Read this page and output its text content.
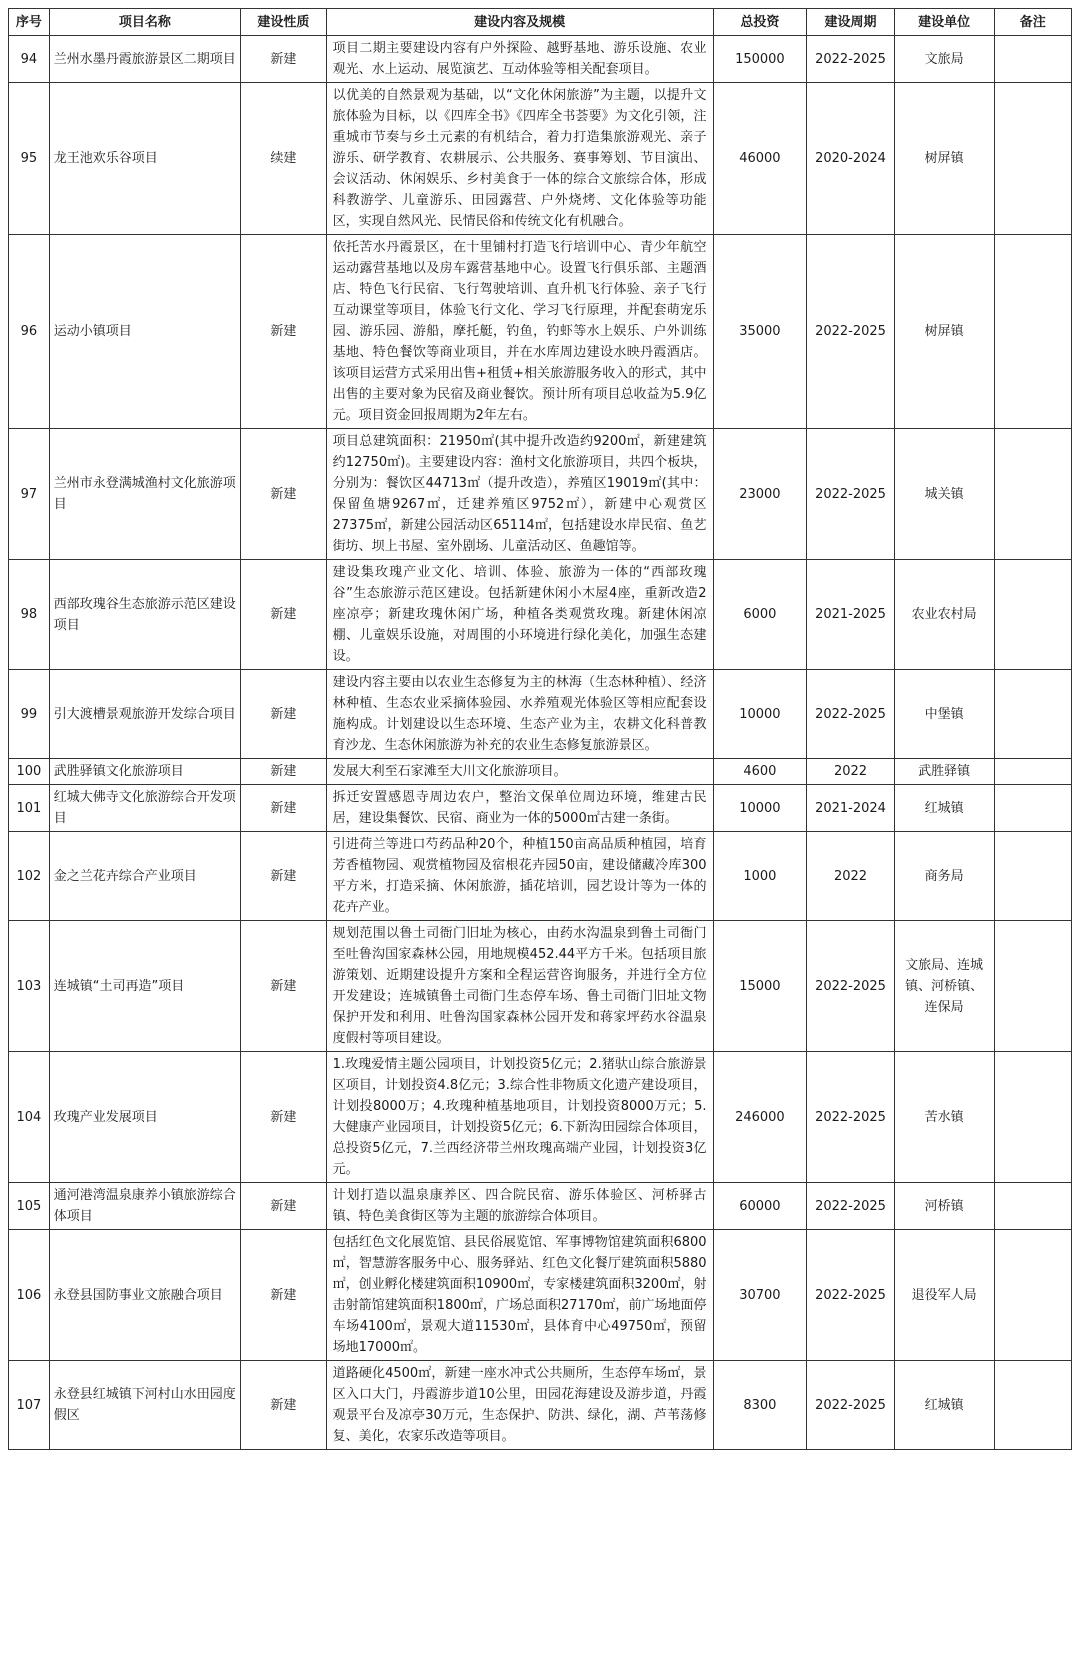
序号	项目名称	建设性质	建设内容及规模	总投资	建设周期	建设单位	备注
94	兰州水墨丹霞旅游景区二期项目	新建	项目二期主要建设内容有户外探险、越野基地、游乐设施、农业观光、水上运动、展览演艺、互动体验等相关配套项目。	150000	2022-2025	文旅局	
95	龙王池欢乐谷项目	续建	以优美的自然景观为基础，以“文化休闲旅游”为主题，以提升文旅体验为目标，以《四库全书》《四库全书荟要》为文化引领，注重城市节奏与乡土元素的有机结合，着力打造集旅游观光、亲子游乐、研学教育、农耕展示、公共服务、赛事筹划、节目演出、会议活动、休闲娱乐、乡村美食于一体的综合文旅综合体，形成科教游学、儿童游乐、田园露营、户外烧烤、文化体验等功能区，实现自然风光、民情民俗和传统文化有机融合。	46000	2020-2024	树屏镇	
96	运动小镇项目	新建	依托苦水丹霞景区，在十里铺村打造飞行培训中心、青少年航空运动露营基地以及房车露营基地中心。设置飞行俱乐部、主题酒店、特色飞行民宿、飞行驾驶培训、直升机飞行体验、亲子飞行互动课堂等项目，体验飞行文化、学习飞行原理，并配套萌宠乐园、游乐园、游船，摩托艇，钓鱼，钓虾等水上娱乐、户外训练基地、特色餐饮等商业项目，并在水库周边建设水映丹霞酒店。该项目运营方式采用出售+租赁+相关旅游服务收入的形式，其中出售的主要对象为民宿及商业餐饮。预计所有项目总收益为5.9亿元。项目资金回报周期为2年左右。	35000	2022-2025	树屏镇	
97	兰州市永登满城渔村文化旅游项目	新建	项目总建筑面积：21950㎡(其中提升改造约9200㎡，新建建筑约12750㎡)。主要建设内容：渔村文化旅游项目，共四个板块，分别为：餐饮区44713㎡（提升改造），养殖区19019㎡(其中：保留鱼塘9267㎡，迁建养殖区9752㎡），新建中心观赏区27375㎡，新建公园活动区65114㎡，包括建设水岸民宿、鱼艺街坊、坝上书屋、室外剧场、儿童活动区、鱼趣馆等。	23000	2022-2025	城关镇	
98	西部玫瑰谷生态旅游示范区建设项目	新建	建设集玫瑰产业文化、培训、体验、旅游为一体的“西部玫瑰谷”生态旅游示范区建设。包括新建休闲小木屋4座，重新改造2座凉亭；新建玫瑰休闲广场，种植各类观赏玫瑰。新建休闲凉棚、儿童娱乐设施，对周围的小环境进行绿化美化，加强生态建设。	6000	2021-2025	农业农村局	
99	引大渡槽景观旅游开发综合项目	新建	建设内容主要由以农业生态修复为主的林海（生态林种植）、经济林种植、生态农业采摘体验园、水养殖观光体验区等相应配套设施构成。计划建设以生态环境、生态产业为主，农耕文化科普教育沙龙、生态休闲旅游为补充的农业生态修复旅游景区。	10000	2022-2025	中堡镇	
100	武胜驿镇文化旅游项目	新建	发展大利至石家滩至大川文化旅游项目。	4600	2022	武胜驿镇	
101	红城大佛寺文化旅游综合开发项目	新建	拆迁安置感恩寺周边农户，整治文保单位周边环境，维建古民居，建设集餐饮、民宿、商业为一体的5000㎡古建一条街。	10000	2021-2024	红城镇	
102	金之兰花卉综合产业项目	新建	引进荷兰等进口芍药品种20个，种植150亩高品质种植园，培育芳香植物园、观赏植物园及宿根花卉园50亩，建设储藏冷库300平方米，打造采摘、休闲旅游，插花培训，园艺设计等为一体的花卉产业。	1000	2022	商务局	
103	连城镇“土司再造”项目	新建	规划范围以鲁土司衙门旧址为核心，由药水沟温泉到鲁土司衙门至吐鲁沟国家森林公园，用地规模452.44平方千米。包括项目旅游策划、近期建设提升方案和全程运营咨询服务，并进行全方位开发建设；连城镇鲁土司衙门生态停车场、鲁土司衙门旧址文物保护开发和利用、吐鲁沟国家森林公园开发和蒋家坪药水谷温泉度假村等项目建设。	15000	2022-2025	文旅局、连城镇、河桥镇、连保局	
104	玫瑰产业发展项目	新建	1.玫瑰爱情主题公园项目，计划投资5亿元；2.猪驮山综合旅游景区项目，计划投资4.8亿元；3.综合性非物质文化遗产建设项目，计划投8000万；4.玫瑰种植基地项目，计划投资8000万元；5.大健康产业园项目，计划投资5亿元；6.下新沟田园综合体项目，总投资5亿元，7.兰西经济带兰州玫瑰高端产业园，计划投资3亿元。	246000	2022-2025	苦水镇	
105	通河港湾温泉康养小镇旅游综合体项目	新建	计划打造以温泉康养区、四合院民宿、游乐体验区、河桥驿古镇、特色美食街区等为主题的旅游综合体项目。	60000	2022-2025	河桥镇	
106	永登县国防事业文旅融合项目	新建	包括红色文化展览馆、县民俗展览馆、军事博物馆建筑面积6800㎡，智慧游客服务中心、服务驿站、红色文化餐厅建筑面积5880㎡，创业孵化楼建筑面积10900㎡，专家楼建筑面积3200㎡，射击射箭馆建筑面积1800㎡，广场总面积27170㎡，前广场地面停车场4100㎡，景观大道11530㎡，县体育中心49750㎡，预留场地17000㎡。	30700	2022-2025	退役军人局	
107	永登县红城镇下河村山水田园度假区	新建	道路硬化4500㎡，新建一座水冲式公共厕所，生态停车场㎡，景区入口大门，丹霞游步道10公里，田园花海建设及游步道，丹霞观景平台及凉亭30万元，生态保护、防洪、绿化，湖、芦苇荡修复、美化，农家乐改造等项目。	8300	2022-2025	红城镇	
